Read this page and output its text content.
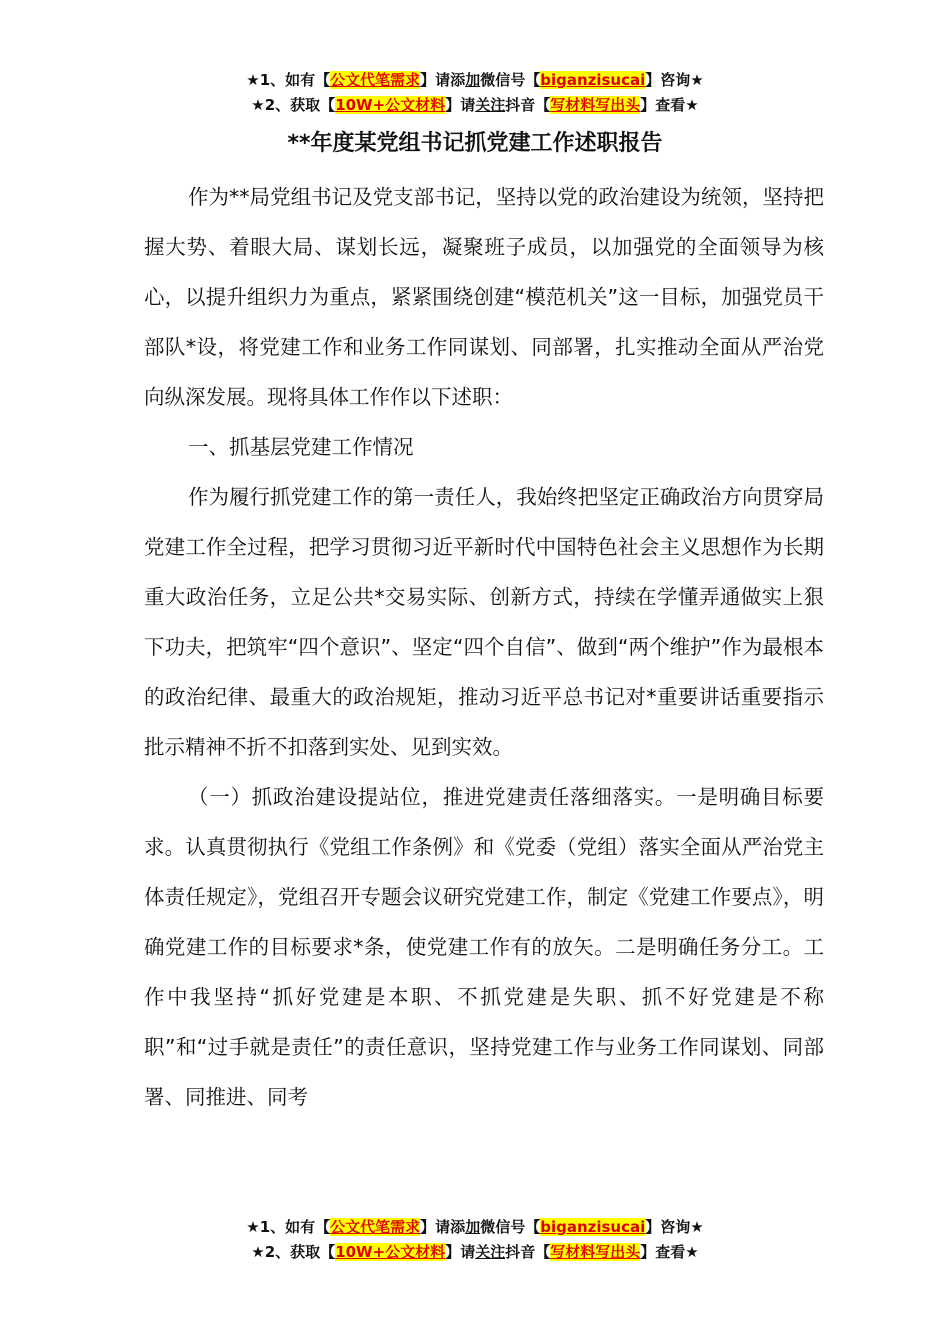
★1、如有【公文代笔需求】请添加微信号【biganzisucai】咨询★
★2、获取【10W+公文材料】请关注抖音【写材料写出头】查看★
**年度某党组书记抓党建工作述职报告

作为**局党组书记及党支部书记，坚持以党的政治建设为统领，坚持把握大势、着眼大局、谋划长远，凝聚班子成员，以加强党的全面领导为核心，以提升组织力为重点，紧紧围绕创建“模范机关”这一目标，加强党员干部队*设，将党建工作和业务工作同谋划、同部署，扎实推动全面从严治党向纵深发展。现将具体工作作以下述职：

一、抓基层党建工作情况

作为履行抓党建工作的第一责任人，我始终把坚定正确政治方向贯穿局党建工作全过程，把学习贯彻习近平新时代中国特色社会主义思想作为长期重大政治任务，立足公共*交易实际、创新方式，持续在学懂弄通做实上狠下功夫，把筑牢“四个意识”、坚定“四个自信”、做到“两个维护”作为最根本的政治纪律、最重大的政治规矩，推动习近平总书记对*重要讲话重要指示批示精神不折不扣落到实处、见到实效。

（一）抓政治建设提站位，推进党建责任落细落实。一是明确目标要求。认真贯彻执行《党组工作条例》和《党委（党组）落实全面从严治党主体责任规定》，党组召开专题会议研究党建工作，制定《党建工作要点》，明确党建工作的目标要求*条，使党建工作有的放矢。二是明确任务分工。工作中我坚持“抓好党建是本职、不抓党建是失职、抓不好党建是不称职”和“过手就是责任”的责任意识，坚持党建工作与业务工作同谋划、同部署、同推进、同考

★1、如有【公文代笔需求】请添加微信号【biganzisucai】咨询★
★2、获取【10W+公文材料】请关注抖音【写材料写出头】查看★
